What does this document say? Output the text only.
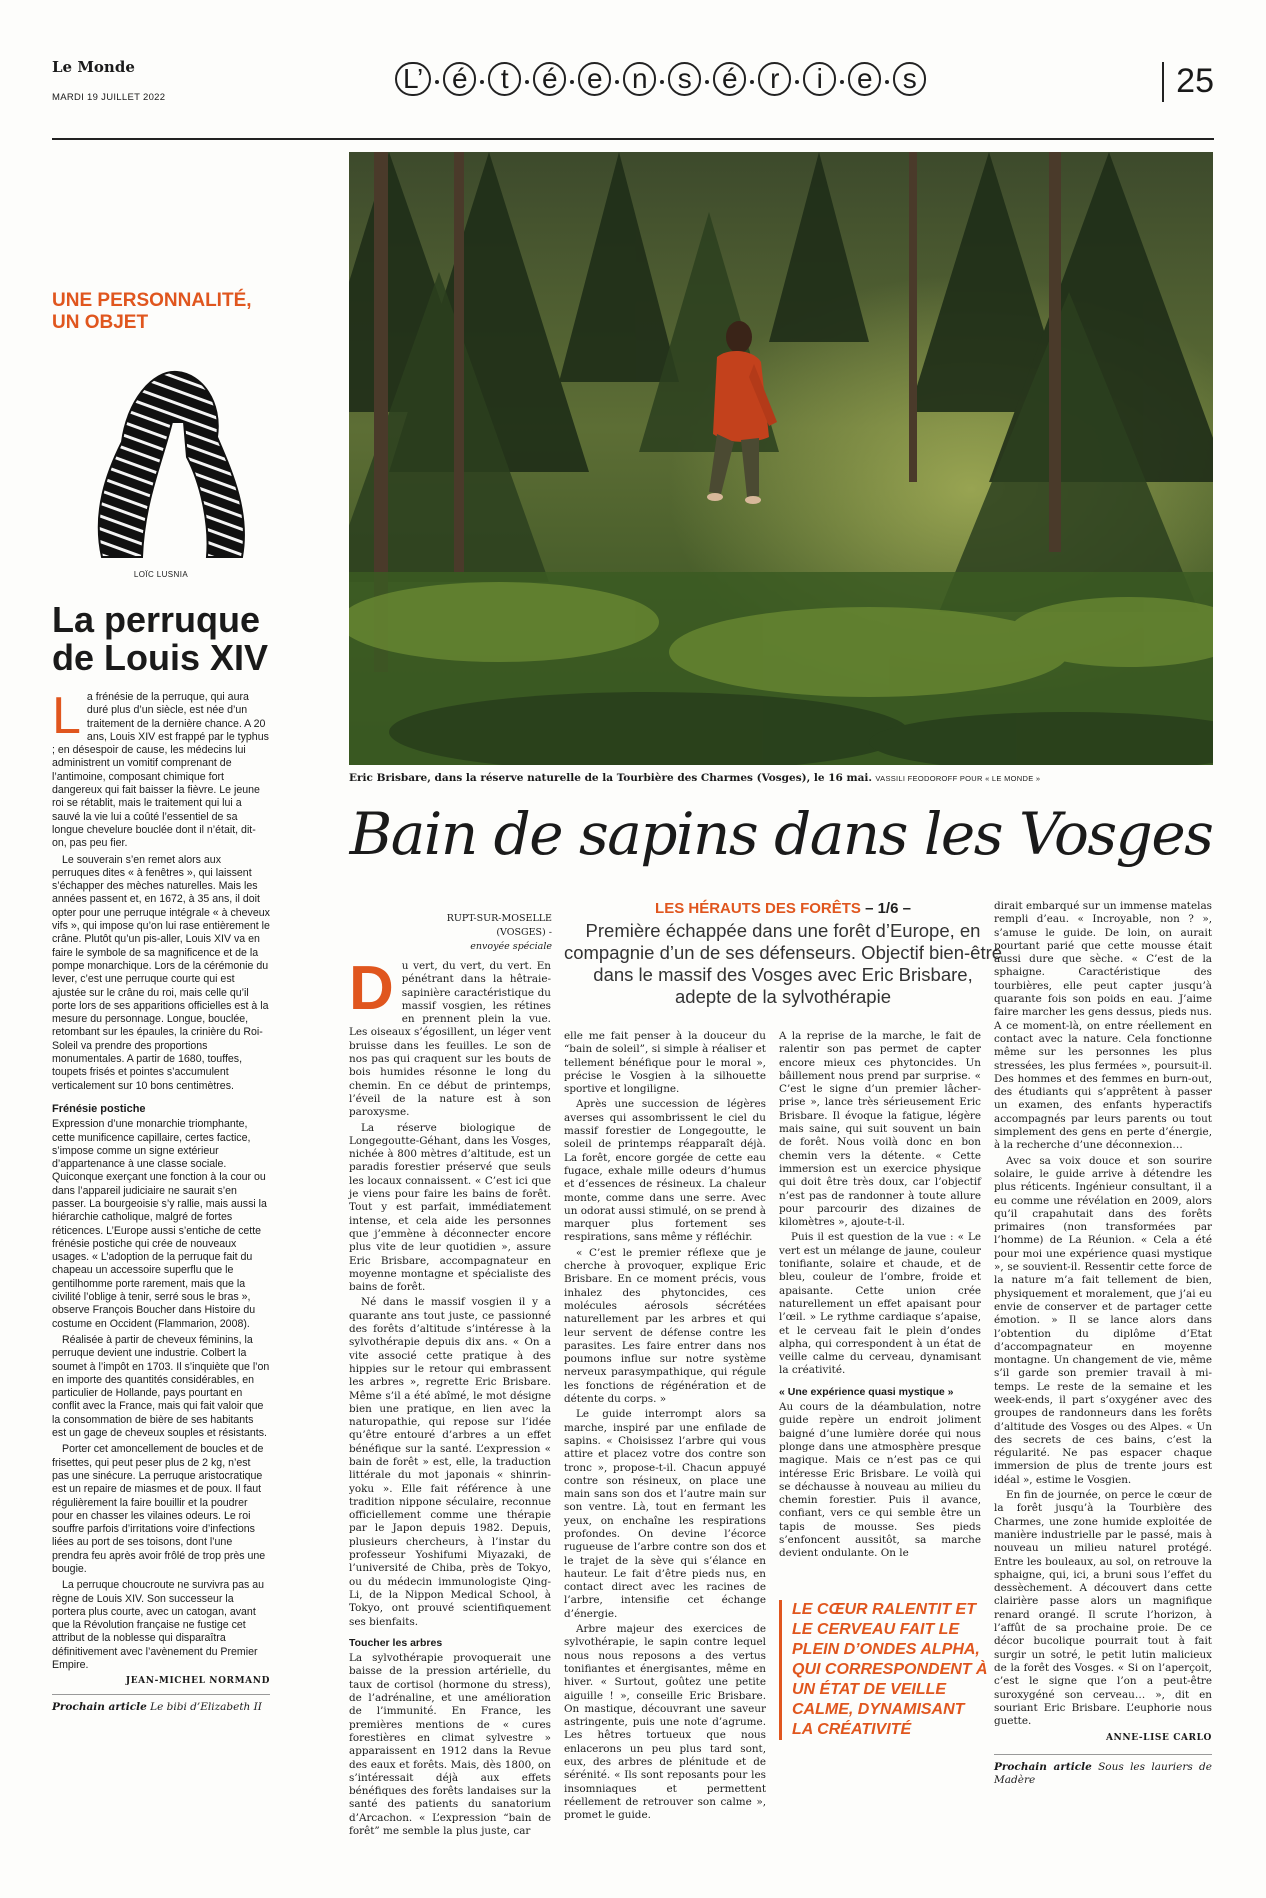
Le Monde
MARDI 19 JUILLET 2022
L’	é	t	é	e	n	s	é	r	i	e	s	25
UNE PERSONNALITÉ,
UN OBJET
LOÏC LUSNIA
La perruque
de Louis XIV

La frénésie de la perruque, qui aura duré plus d’un siècle, est née d’un traitement de la dernière chance. A 20 ans, Louis XIV est frappé par le typhus ; en désespoir de cause, les médecins lui administrent un vomitif comprenant de l’antimoine, composant chimique fort dangereux qui fait baisser la fièvre. Le jeune roi se rétablit, mais le traitement qui lui a sauvé la vie lui a coûté l’essentiel de sa longue chevelure bouclée dont il n’était, dit-on, pas peu fier.

Le souverain s’en remet alors aux perruques dites « à fenêtres », qui laissent s’échapper des mèches naturelles. Mais les années passent et, en 1672, à 35 ans, il doit opter pour une perruque intégrale « à cheveux vifs », qui impose qu’on lui rase entièrement le crâne. Plutôt qu’un pis-aller, Louis XIV va en faire le symbole de sa magnificence et de la pompe monarchique. Lors de la cérémonie du lever, c’est une perruque courte qui est ajustée sur le crâne du roi, mais celle qu’il porte lors de ses apparitions officielles est à la mesure du personnage. Longue, bouclée, retombant sur les épaules, la crinière du Roi-Soleil va prendre des proportions monumentales. A partir de 1680, touffes, toupets frisés et pointes s’accumulent verticalement sur 10 bons centimètres.

Frénésie postiche

Expression d’une monarchie triomphante, cette munificence capillaire, certes factice, s’impose comme un signe extérieur d’appartenance à une classe sociale. Quiconque exerçant une fonction à la cour ou dans l’appareil judiciaire ne saurait s’en passer. La bourgeoisie s’y rallie, mais aussi la hiérarchie catholique, malgré de fortes réticences. L’Europe aussi s’entiche de cette frénésie postiche qui crée de nouveaux usages. « L’adoption de la perruque fait du chapeau un accessoire superflu que le gentilhomme porte rarement, mais que la civilité l’oblige à tenir, serré sous le bras », observe François Boucher dans Histoire du costume en Occident (Flammarion, 2008).

Réalisée à partir de cheveux féminins, la perruque devient une industrie. Colbert la soumet à l’impôt en 1703. Il s’inquiète que l’on en importe des quantités considérables, en particulier de Hollande, pays pourtant en conflit avec la France, mais qui fait valoir que la consommation de bière de ses habitants est un gage de cheveux souples et résistants.

Porter cet amoncellement de boucles et de frisettes, qui peut peser plus de 2 kg, n’est pas une sinécure. La perruque aristocratique est un repaire de miasmes et de poux. Il faut régulièrement la faire bouillir et la poudrer pour en chasser les vilaines odeurs. Le roi souffre parfois d’irritations voire d’infections liées au port de ses toisons, dont l’une prendra feu après avoir frôlé de trop près une bougie.

La perruque choucroute ne survivra pas au règne de Louis XIV. Son successeur la portera plus courte, avec un catogan, avant que la Révolution française ne fustige cet attribut de la noblesse qui disparaîtra définitivement avec l’avènement du Premier Empire.

JEAN-MICHEL NORMAND
Prochain article Le bibi d’Elizabeth II
Eric Brisbare, dans la réserve naturelle de la Tourbière des Charmes (Vosges), le 16 mai. VASSILI FEODOROFF POUR « LE MONDE »
Bain de sapins dans les Vosges
RUPT-SUR-MOSELLE (VOSGES) -
envoyée spéciale
LES HÉRAUTS DES FORÊTS – 1/6 –
Première échappée dans une forêt d’Europe, en compagnie d’un de ses défenseurs. Objectif bien-être dans le massif des Vosges avec Eric Brisbare, adepte de la sylvothérapie

Du vert, du vert, du vert. En pénétrant dans la hêtraie-sapinière caractéristique du massif vosgien, les rétines en prennent plein la vue. Les oiseaux s’égosillent, un léger vent bruisse dans les feuilles. Le son de nos pas qui craquent sur les bouts de bois humides résonne le long du chemin. En ce début de printemps, l’éveil de la nature est à son paroxysme.

La réserve biologique de Longegoutte-Géhant, dans les Vosges, nichée à 800 mètres d’altitude, est un paradis forestier préservé que seuls les locaux connaissent. « C’est ici que je viens pour faire les bains de forêt. Tout y est parfait, immédiatement intense, et cela aide les personnes que j’emmène à déconnecter encore plus vite de leur quotidien », assure Eric Brisbare, accompagnateur en moyenne montagne et spécialiste des bains de forêt.

Né dans le massif vosgien il y a quarante ans tout juste, ce passionné des forêts d’altitude s’intéresse à la sylvothérapie depuis dix ans. « On a vite associé cette pratique à des hippies sur le retour qui embrassent les arbres », regrette Eric Brisbare. Même s’il a été abîmé, le mot désigne bien une pratique, en lien avec la naturopathie, qui repose sur l’idée qu’être entouré d’arbres a un effet bénéfique sur la santé. L’expression « bain de forêt » est, elle, la traduction littérale du mot japonais « shinrin-yoku ». Elle fait référence à une tradition nippone séculaire, reconnue officiellement comme une thérapie par le Japon depuis 1982. Depuis, plusieurs chercheurs, à l’instar du professeur Yoshifumi Miyazaki, de l’université de Chiba, près de Tokyo, ou du médecin immunologiste Qing-Li, de la Nippon Medical School, à Tokyo, ont prouvé scientifiquement ses bienfaits.

Toucher les arbres

La sylvothérapie provoquerait une baisse de la pression artérielle, du taux de cortisol (hormone du stress), de l’adrénaline, et une amélioration de l’immunité. En France, les premières mentions de « cures forestières en climat sylvestre » apparaissent en 1912 dans la Revue des eaux et forêts. Mais, dès 1800, on s’intéressait déjà aux effets bénéfiques des forêts landaises sur la santé des patients du sanatorium d’Arcachon. « L’expression “bain de forêt” me semble la plus juste, car

elle me fait penser à la douceur du “bain de soleil”, si simple à réaliser et tellement bénéfique pour le moral », précise le Vosgien à la silhouette sportive et longiligne.

Après une succession de légères averses qui assombrissent le ciel du massif forestier de Longegoutte, le soleil de printemps réapparaît déjà. La forêt, encore gorgée de cette eau fugace, exhale mille odeurs d’humus et d’essences de résineux. La chaleur monte, comme dans une serre. Avec un odorat aussi stimulé, on se prend à marquer plus fortement ses respirations, sans même y réfléchir.

« C’est le premier réflexe que je cherche à provoquer, explique Eric Brisbare. En ce moment précis, vous inhalez des phytoncides, ces molécules aérosols sécrétées naturellement par les arbres et qui leur servent de défense contre les parasites. Les faire entrer dans nos poumons influe sur notre système nerveux parasympathique, qui régule les fonctions de régénération et de détente du corps. »

Le guide interrompt alors sa marche, inspiré par une enfilade de sapins. « Choisissez l’arbre qui vous attire et placez votre dos contre son tronc », propose-t-il. Chacun appuyé contre son résineux, on place une main sans son dos et l’autre main sur son ventre. Là, tout en fermant les yeux, on enchaîne les respirations profondes. On devine l’écorce rugueuse de l’arbre contre son dos et le trajet de la sève qui s’élance en hauteur. Le fait d’être pieds nus, en contact direct avec les racines de l’arbre, intensifie cet échange d’énergie.

Arbre majeur des exercices de sylvothérapie, le sapin contre lequel nous nous reposons a des vertus tonifiantes et énergisantes, même en hiver. « Surtout, goûtez une petite aiguille ! », conseille Eric Brisbare. On mastique, découvrant une saveur astringente, puis une note d’agrume. Les hêtres tortueux que nous enlacerons un peu plus tard sont, eux, des arbres de plénitude et de sérénité. « Ils sont reposants pour les insomniaques et permettent réellement de retrouver son calme », promet le guide.

A la reprise de la marche, le fait de ralentir son pas permet de capter encore mieux ces phytoncides. Un bâillement nous prend par surprise. « C’est le signe d’un premier lâcher-prise », lance très sérieusement Eric Brisbare. Il évoque la fatigue, légère mais saine, qui suit souvent un bain de forêt. Nous voilà donc en bon chemin vers la détente. « Cette immersion est un exercice physique qui doit être très doux, car l’objectif n’est pas de randonner à toute allure pour parcourir des dizaines de kilomètres », ajoute-t-il.

Puis il est question de la vue : « Le vert est un mélange de jaune, couleur tonifiante, solaire et chaude, et de bleu, couleur de l’ombre, froide et apaisante. Cette union crée naturellement un effet apaisant pour l’œil. » Le rythme cardiaque s’apaise, et le cerveau fait le plein d’ondes alpha, qui correspondent à un état de veille calme du cerveau, dynamisant la créativité.

« Une expérience quasi mystique »

Au cours de la déambulation, notre guide repère un endroit joliment baigné d’une lumière dorée qui nous plonge dans une atmosphère presque magique. Mais ce n’est pas ce qui intéresse Eric Brisbare. Le voilà qui se déchausse à nouveau au milieu du chemin forestier. Puis il avance, confiant, vers ce qui semble être un tapis de mousse. Ses pieds s’enfoncent aussitôt, sa marche devient ondulante. On le

LE CŒUR RALENTIT ET LE CERVEAU FAIT LE PLEIN D’ONDES ALPHA, QUI CORRESPONDENT À UN ÉTAT DE VEILLE CALME, DYNAMISANT LA CRÉATIVITÉ

dirait embarqué sur un immense matelas rempli d’eau. « Incroyable, non ? », s’amuse le guide. De loin, on aurait pourtant parié que cette mousse était aussi dure que sèche. « C’est de la sphaigne. Caractéristique des tourbières, elle peut capter jusqu’à quarante fois son poids en eau. J’aime faire marcher les gens dessus, pieds nus. A ce moment-là, on entre réellement en contact avec la nature. Cela fonctionne même sur les personnes les plus stressées, les plus fermées », poursuit-il. Des hommes et des femmes en burn-out, des étudiants qui s’apprêtent à passer un examen, des enfants hyperactifs accompagnés par leurs parents ou tout simplement des gens en perte d’énergie, à la recherche d’une déconnexion…

Avec sa voix douce et son sourire solaire, le guide arrive à détendre les plus réticents. Ingénieur consultant, il a eu comme une révélation en 2009, alors qu’il crapahutait dans des forêts primaires (non transformées par l’homme) de La Réunion. « Cela a été pour moi une expérience quasi mystique », se souvient-il. Ressentir cette force de la nature m’a fait tellement de bien, physiquement et moralement, que j’ai eu envie de conserver et de partager cette émotion. » Il se lance alors dans l’obtention du diplôme d’Etat d’accompagnateur en moyenne montagne. Un changement de vie, même s’il garde son premier travail à mi-temps. Le reste de la semaine et les week-ends, il part s’oxygéner avec des groupes de randonneurs dans les forêts d’altitude des Vosges ou des Alpes. « Un des secrets de ces bains, c’est la régularité. Ne pas espacer chaque immersion de plus de trente jours est idéal », estime le Vosgien.

En fin de journée, on perce le cœur de la forêt jusqu’à la Tourbière des Charmes, une zone humide exploitée de manière industrielle par le passé, mais à nouveau un milieu naturel protégé. Entre les bouleaux, au sol, on retrouve la sphaigne, qui, ici, a bruni sous l’effet du dessèchement. A découvert dans cette clairière passe alors un magnifique renard orangé. Il scrute l’horizon, à l’affût de sa prochaine proie. De ce décor bucolique pourrait tout à fait surgir un sotré, le petit lutin malicieux de la forêt des Vosges. « Si on l’aperçoit, c’est le signe que l’on a peut-être suroxygéné son cerveau… », dit en souriant Eric Brisbare. L’euphorie nous guette.

ANNE-LISE CARLO
Prochain article Sous les lauriers de Madère
